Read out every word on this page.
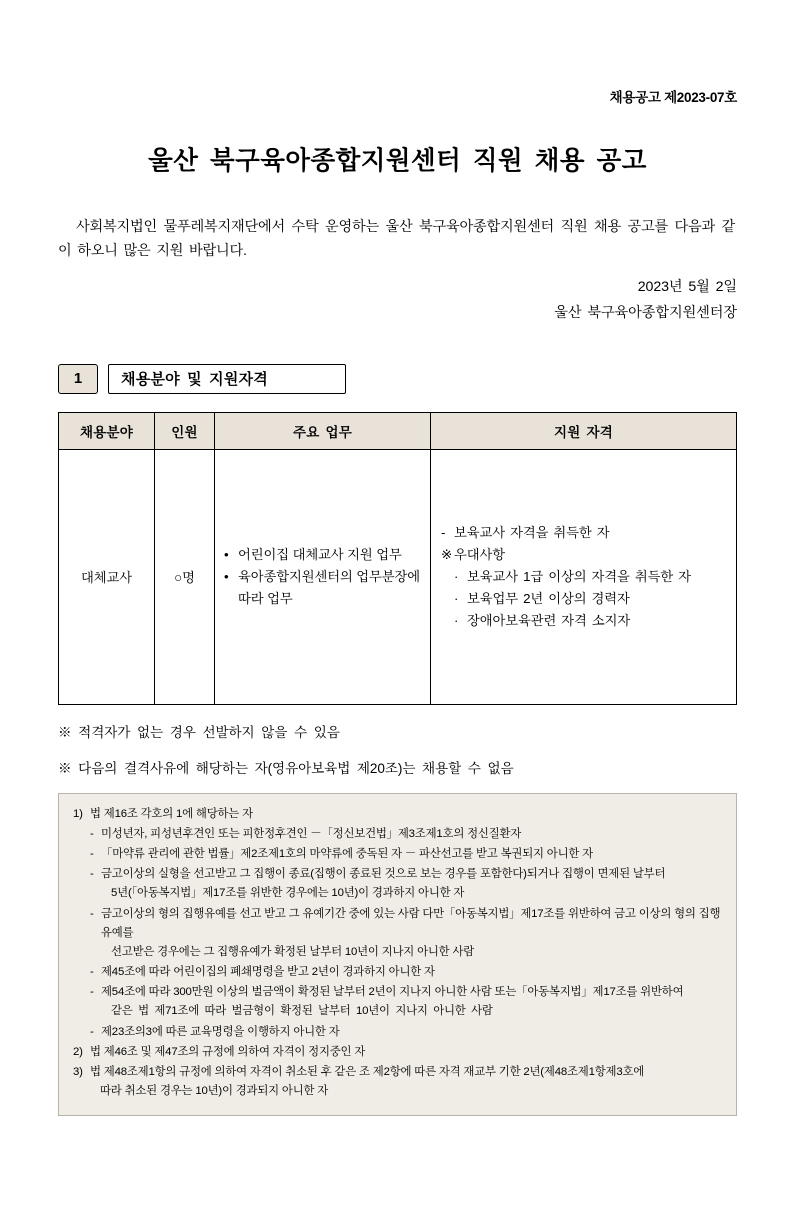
채용공고 제2023-07호
울산 북구육아종합지원센터 직원 채용 공고
사회복지법인 물푸레복지재단에서 수탁 운영하는 울산 북구육아종합지원센터 직원 채용 공고를 다음과 같이 하오니 많은 지원 바랍니다.
2023년 5월 2일
울산 북구육아종합지원센터장
1	채용분야 및 지원자격
채용분야	인원	주요 업무	지원 자격
대체교사	○명	
• 어린이집 대체교사 지원 업무
• 육아종합지원센터의 업무분장에 따라 업무

- 보육교사 자격을 취득한 자
※ 우대사항
· 보육교사 1급 이상의 자격을 취득한 자
· 보육업무 2년 이상의 경력자
· 장애아보육관련 자격 소지자
※ 적격자가 없는 경우 선발하지 않을 수 있음
※ 다음의 결격사유에 해당하는 자(영유아보육법 제20조)는 채용할 수 없음
1) 법 제16조 각호의 1에 해당하는 자
- 미성년자, 피성년후견인 또는 피한정후견인 －「정신보건법」제3조제1호의 정신질환자
- 「마약류 관리에 관한 법률」제2조제1호의 마약류에 중독된 자 － 파산선고를 받고 복권되지 아니한 자
- 금고이상의 실형을 선고받고 그 집행이 종료(집행이 종료된 것으로 보는 경우를 포함한다)되거나 집행이 면제된 날부터
5년(「아동복지법」제17조를 위반한 경우에는 10년)이 경과하지 아니한 자
- 금고이상의 형의 집행유예를 선고 받고 그 유예기간 중에 있는 사람 다만「아동복지법」제17조를 위반하여 금고 이상의 형의 집행유예를
선고받은 경우에는 그 집행유예가 확정된 날부터 10년이 지나지 아니한 사람
- 제45조에 따라 어린이집의 폐쇄명령을 받고 2년이 경과하지 아니한 자
- 제54조에 따라 300만원 이상의 벌금액이 확정된 날부터 2년이 지나지 아니한 사람 또는「아동복지법」제17조를 위반하여
같은 법 제71조에 따라 벌금형이 확정된 날부터 10년이 지나지 아니한 사람
- 제23조의3에 따른 교육명령을 이행하지 아니한 자
2) 법 제46조 및 제47조의 규정에 의하여 자격이 정지중인 자
3) 법 제48조제1항의 규정에 의하여 자격이 취소된 후 같은 조 제2항에 따른 자격 재교부 기한 2년(제48조제1항제3호에
따라 취소된 경우는 10년)이 경과되지 아니한 자
